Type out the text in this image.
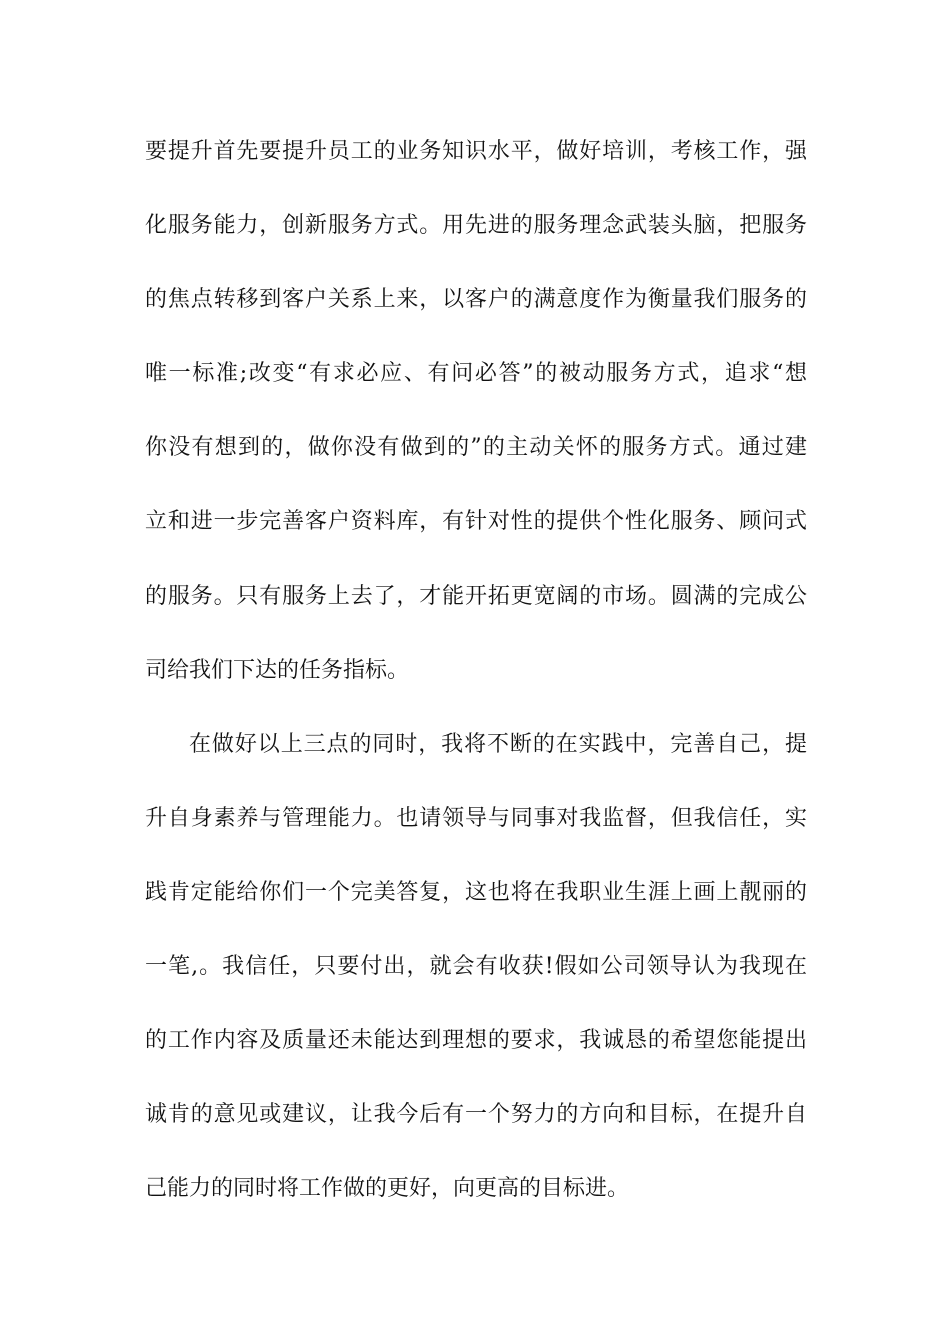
要提升首先要提升员工的业务知识水平，做好培训，考核工作，强
化服务能力，创新服务方式。用先进的服务理念武装头脑，把服务
的焦点转移到客户关系上来，以客户的满意度作为衡量我们服务的
唯一标准;改变“有求必应、有问必答”的被动服务方式，追求“想
你没有想到的，做你没有做到的”的主动关怀的服务方式。通过建
立和进一步完善客户资料库，有针对性的提供个性化服务、顾问式
的服务。只有服务上去了，才能开拓更宽阔的市场。圆满的完成公
司给我们下达的任务指标。
在做好以上三点的同时，我将不断的在实践中，完善自己，提
升自身素养与管理能力。也请领导与同事对我监督，但我信任，实
践肯定能给你们一个完美答复，这也将在我职业生涯上画上靓丽的
一笔,。我信任，只要付出，就会有收获!假如公司领导认为我现在
的工作内容及质量还未能达到理想的要求，我诚恳的希望您能提出
诚肯的意见或建议，让我今后有一个努力的方向和目标，在提升自
己能力的同时将工作做的更好，向更高的目标进。
